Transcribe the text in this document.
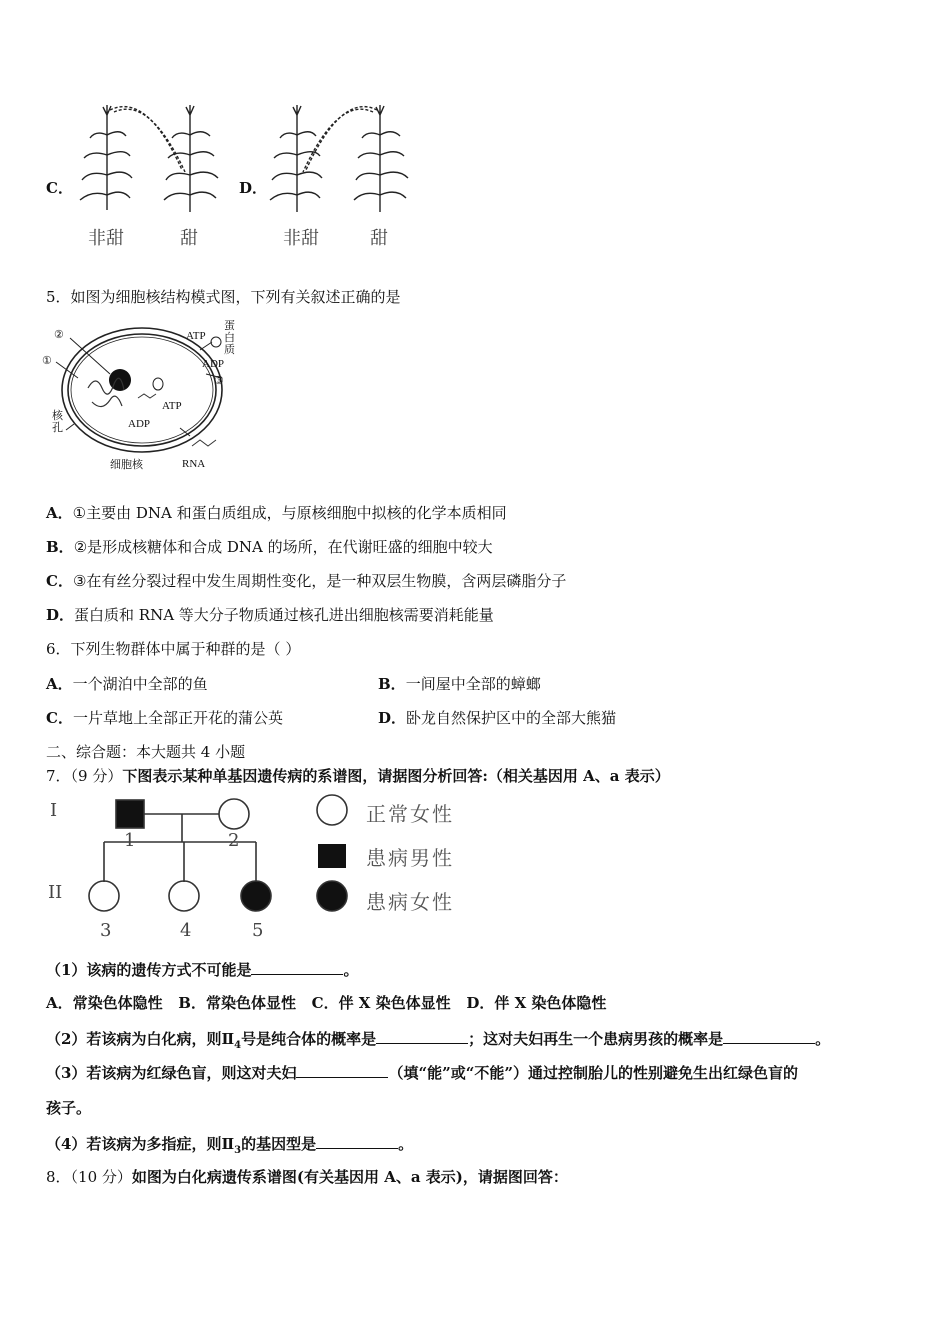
C．
非甜	甜
D．
非甜	甜
5．如图为细胞核结构模式图，下列有关叙述正确的是
②
①
③
ATP
ADP
蛋白质
ATP
ADP
核孔
细胞核	RNA
A．①主要由 DNA 和蛋白质组成，与原核细胞中拟核的化学本质相同
B．②是形成核糖体和合成 DNA 的场所，在代谢旺盛的细胞中较大
C．③在有丝分裂过程中发生周期性变化，是一种双层生物膜，含两层磷脂分子
D．蛋白质和 RNA 等大分子物质通过核孔进出细胞核需要消耗能量
6．下列生物群体中属于种群的是（ ）
A．一个湖泊中全部的鱼	B．一间屋中全部的蟑螂
C．一片草地上全部正开花的蒲公英	D．卧龙自然保护区中的全部大熊猫
二、综合题：本大题共 4 小题
7．（9 分）下图表示某种单基因遗传病的系谱图，请据图分析回答:（相关基因用 A、a 表示）
I
II
1	2
3	4	5
正常女性
患病男性
患病女性
（1）该病的遗传方式不可能是	。
A．常染色体隐性   B．常染色体显性   C．伴 X 染色体显性   D．伴 X 染色体隐性
（2）若该病为白化病，则$Ⅱ_4$号是纯合体的概率是	；这对夫妇再生一个患病男孩的概率是	。
（3）若该病为红绿色盲，则这对夫妇	（填“能”或“不能”）通过控制胎儿的性别避免生出红绿色盲的
孩子。
（4）若该病为多指症，则$Ⅱ_3$的基因型是	。
8．（10 分）如图为白化病遗传系谱图(有关基因用 A、a 表示)，请据图回答：
